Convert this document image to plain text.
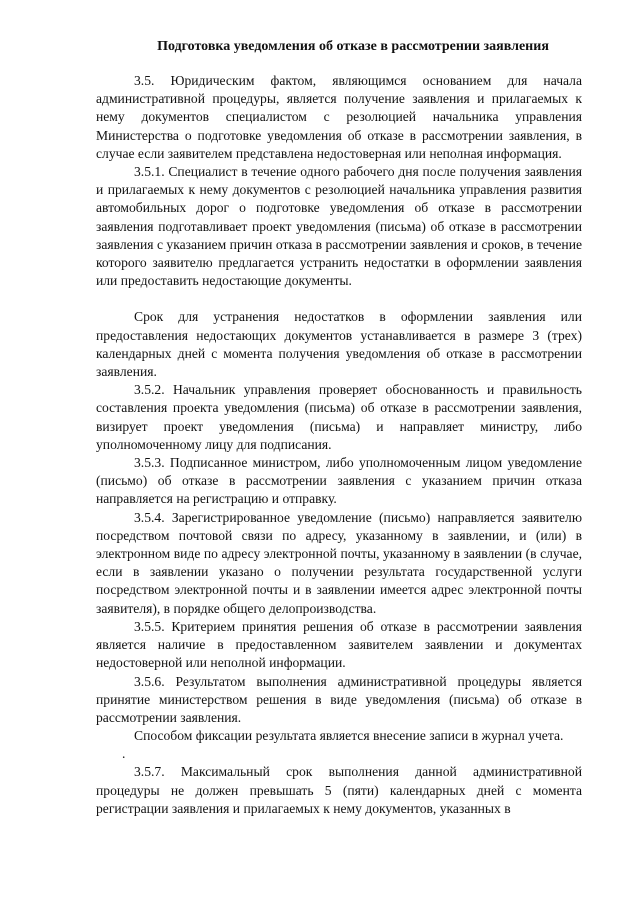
Подготовка уведомления об отказе в рассмотрении заявления

3.5. Юридическим фактом, являющимся основанием для начала административной процедуры, является получение заявления и прилагаемых к нему документов специалистом с резолюцией начальника управления Министерства о подготовке уведомления об отказе в рассмотрении заявления, в случае если заявителем представлена недостоверная или неполная информация.

3.5.1. Специалист в течение одного рабочего дня после получения заявления и прилагаемых к нему документов с резолюцией начальника управления развития автомобильных дорог о подготовке уведомления об отказе в рассмотрении заявления подготавливает проект уведомления (письма) об отказе в рассмотрении заявления с указанием причин отказа в рассмотрении заявления и сроков, в течение которого заявителю предлагается устранить недостатки в оформлении заявления или предоставить недостающие документы.

Срок для устранения недостатков в оформлении заявления или предоставления недостающих документов устанавливается в размере 3 (трех) календарных дней с момента получения уведомления об отказе в рассмотрении заявления.

3.5.2. Начальник управления проверяет обоснованность и правильность составления проекта уведомления (письма) об отказе в рассмотрении заявления, визирует проект уведомления (письма) и направляет министру, либо уполномоченному лицу для подписания.

3.5.3. Подписанное министром, либо уполномоченным лицом уведомление (письмо) об отказе в рассмотрении заявления с указанием причин отказа направляется на регистрацию и отправку.

3.5.4. Зарегистрированное уведомление (письмо) направляется заявителю посредством почтовой связи по адресу, указанному в заявлении, и (или) в электронном виде по адресу электронной почты, указанному в заявлении (в случае, если в заявлении указано о получении результата государственной услуги посредством электронной почты и в заявлении имеется адрес электронной почты заявителя), в порядке общего делопроизводства.

3.5.5. Критерием принятия решения об отказе в рассмотрении заявления является наличие в предоставленном заявителем заявлении и документах недостоверной или неполной информации.

3.5.6. Результатом выполнения административной процедуры является принятие министерством решения в виде уведомления (письма) об отказе в рассмотрении заявления.

Способом фиксации результата является внесение записи в журнал учета.

.

3.5.7. Максимальный срок выполнения данной административной процедуры не должен превышать 5 (пяти) календарных дней с момента регистрации заявления и прилагаемых к нему документов, указанных в
